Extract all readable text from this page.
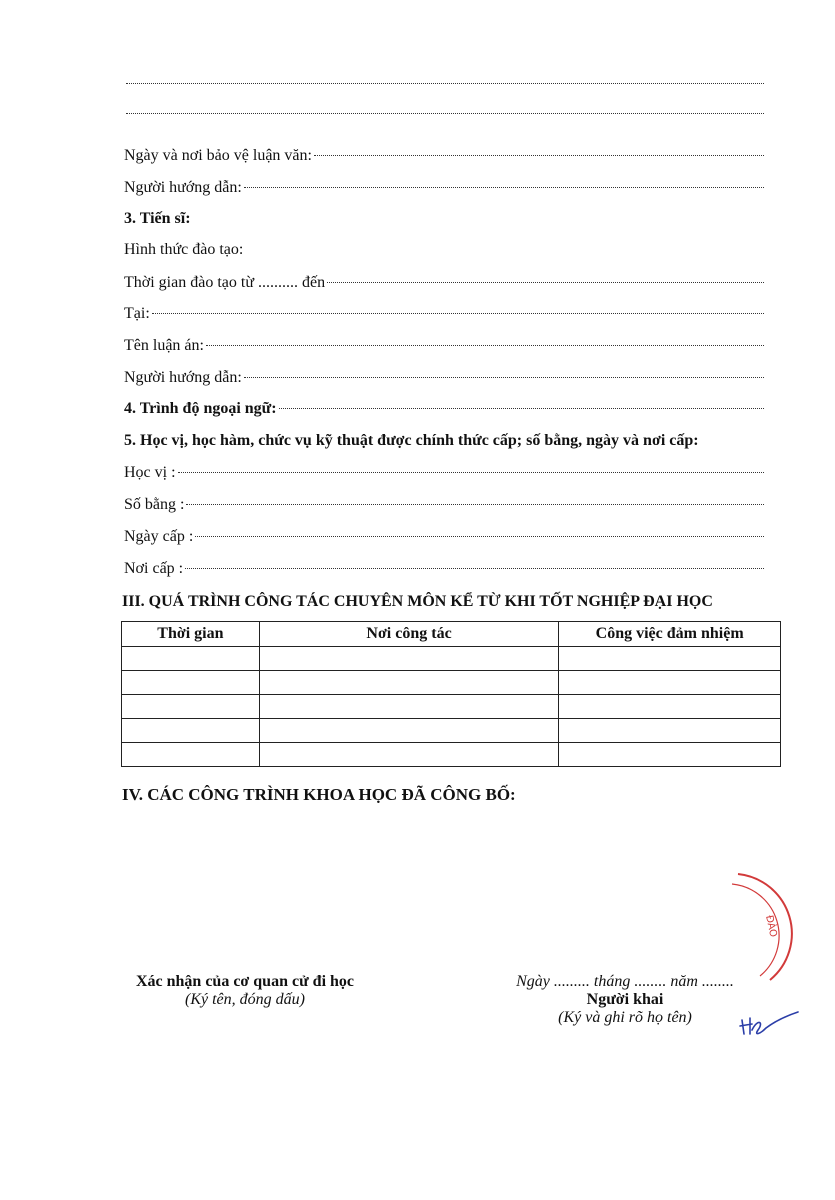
Ngày và nơi bảo vệ luận văn:
Người hướng dẫn:
3. Tiến sĩ:
Hình thức đào tạo:
Thời gian đào tạo từ .......... đến
Tại:
Tên luận án:
Người hướng dẫn:
4. Trình độ ngoại ngữ:
5. Học vị, học hàm, chức vụ kỹ thuật được chính thức cấp; số bằng, ngày và nơi cấp:
Học vị :
Số bằng :
Ngày cấp :
Nơi cấp :
III. QUÁ TRÌNH CÔNG TÁC CHUYÊN MÔN KỂ TỪ KHI TỐT NGHIỆP ĐẠI HỌC
Thời gian	Nơi công tác	Công việc đảm nhiệm

IV. CÁC CÔNG TRÌNH KHOA HỌC ĐÃ CÔNG BỐ:
Xác nhận của cơ quan cử đi học
(Ký tên, đóng dấu)
Ngày ......... tháng ........ năm ........
Người khai
(Ký và ghi rõ họ tên)
ĐÀO
